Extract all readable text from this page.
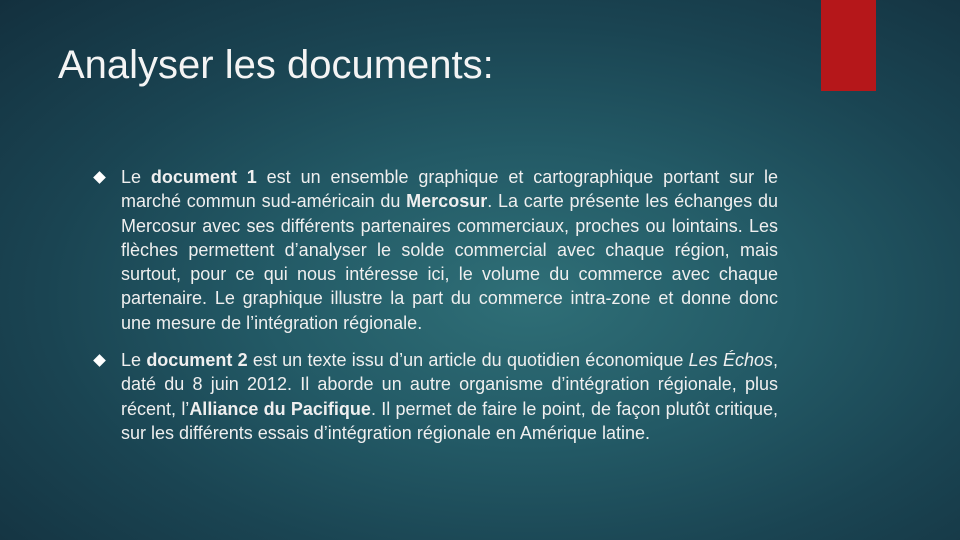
Analyser les documents:
Le document 1 est un ensemble graphique et cartographique portant sur le marché commun sud-américain du Mercosur. La carte présente les échanges du Mercosur avec ses différents partenaires commerciaux, proches ou lointains. Les flèches permettent d’analyser le solde commercial avec chaque région, mais surtout, pour ce qui nous intéresse ici, le volume du commerce avec chaque partenaire. Le graphique illustre la part du commerce intra-zone et donne donc une mesure de l’intégration régionale.
Le document 2 est un texte issu d’un article du quotidien économique Les Échos, daté du 8 juin 2012. Il aborde un autre organisme d’intégration régionale, plus récent, l’Alliance du Pacifique. Il permet de faire le point, de façon plutôt critique, sur les différents essais d’intégration régionale en Amérique latine.
